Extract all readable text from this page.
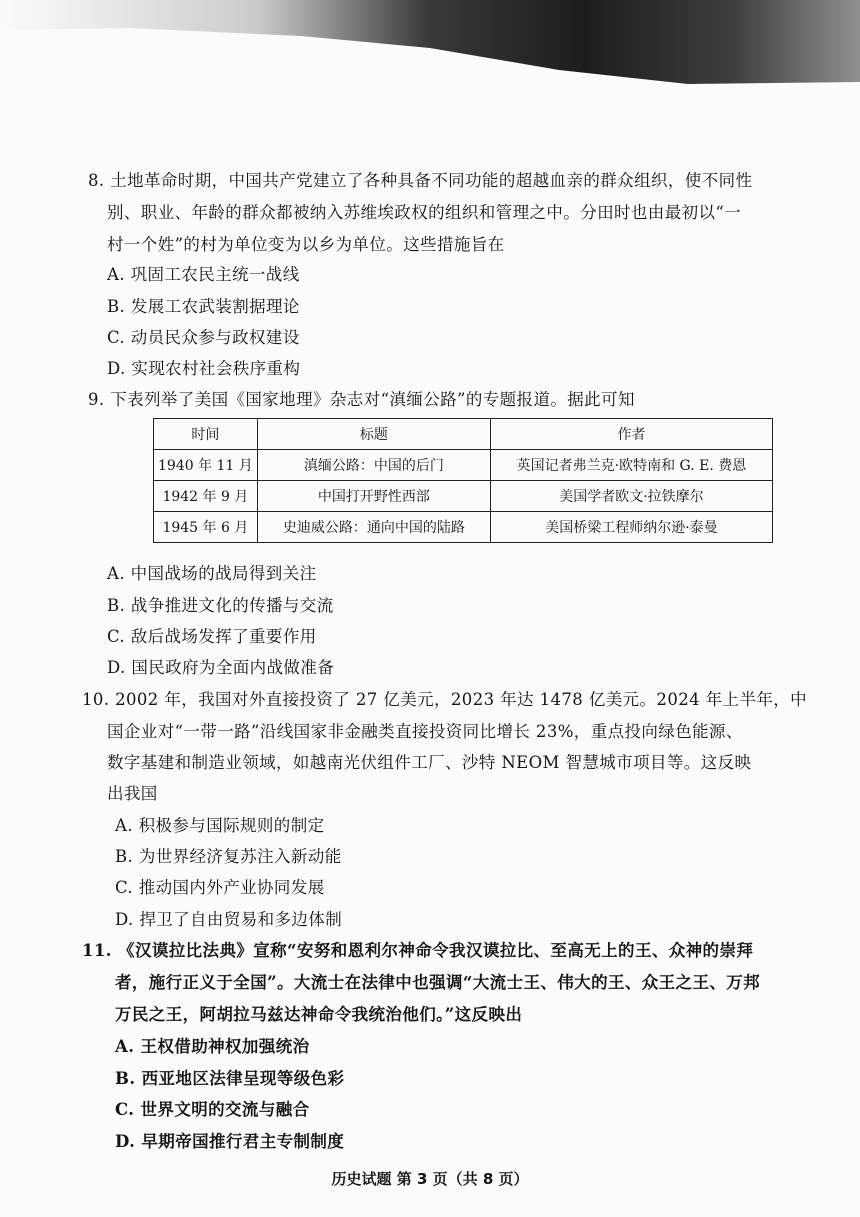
8. 土地革命时期，中国共产党建立了各种具备不同功能的超越血亲的群众组织，使不同性
别、职业、年龄的群众都被纳入苏维埃政权的组织和管理之中。分田时也由最初以“一
村一个姓”的村为单位变为以乡为单位。这些措施旨在
A. 巩固工农民主统一战线
B. 发展工农武装割据理论
C. 动员民众参与政权建设
D. 实现农村社会秩序重构
9. 下表列举了美国《国家地理》杂志对“滇缅公路”的专题报道。据此可知
时间	标题	作者
1940 年 11 月	滇缅公路：中国的后门	英国记者弗兰克·欧特南和 G. E. 费恩
1942 年 9 月	中国打开野性西部	美国学者欧文·拉铁摩尔
1945 年 6 月	史迪威公路：通向中国的陆路	美国桥梁工程师纳尔逊·泰曼
A. 中国战场的战局得到关注
B. 战争推进文化的传播与交流
C. 敌后战场发挥了重要作用
D. 国民政府为全面内战做准备
10. 2002 年，我国对外直接投资了 27 亿美元，2023 年达 1478 亿美元。2024 年上半年，中
国企业对“一带一路”沿线国家非金融类直接投资同比增长 23%，重点投向绿色能源、
数字基建和制造业领域，如越南光伏组件工厂、沙特 NEOM 智慧城市项目等。这反映
出我国
A. 积极参与国际规则的制定
B. 为世界经济复苏注入新动能
C. 推动国内外产业协同发展
D. 捍卫了自由贸易和多边体制
11. 《汉谟拉比法典》宣称“安努和恩利尔神命令我汉谟拉比、至高无上的王、众神的崇拜
者，施行正义于全国”。大流士在法律中也强调“大流士王、伟大的王、众王之王、万邦
万民之王，阿胡拉马兹达神命令我统治他们。”这反映出
A. 王权借助神权加强统治
B. 西亚地区法律呈现等级色彩
C. 世界文明的交流与融合
D. 早期帝国推行君主专制制度
历史试题 第 3 页（共 8 页）
